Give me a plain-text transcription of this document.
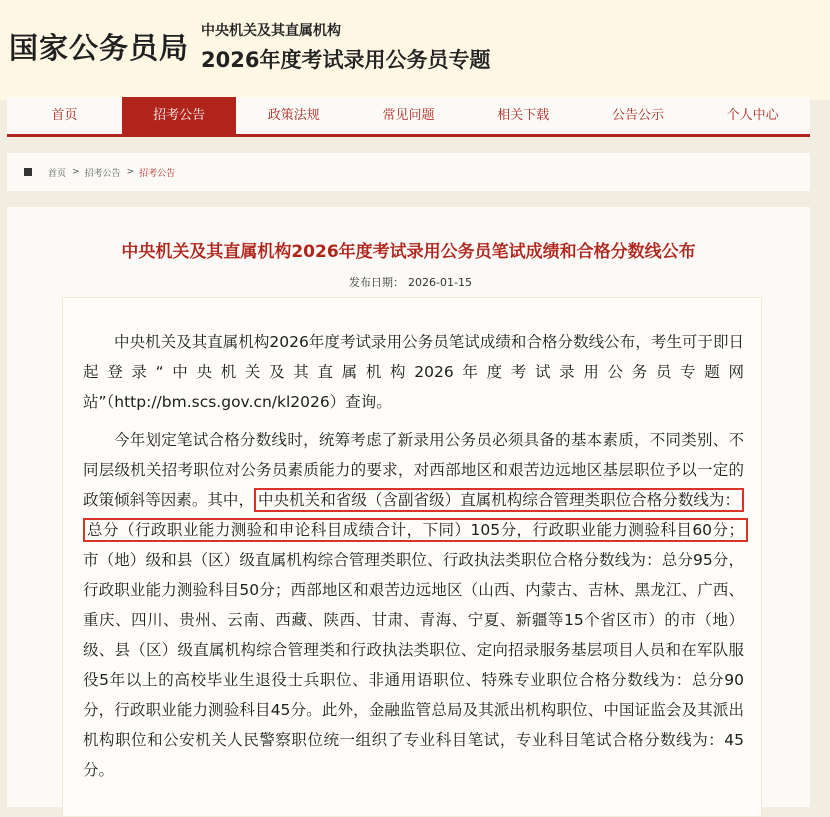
国家公务员局 中央机关及其直属机构
2026年度考试录用公务员专题
首页	招考公告	政策法规	常见问题	相关下载	公告公示	个人中心
首页 > 招考公告 > 招考公告
中央机关及其直属机构2026年度考试录用公务员笔试成绩和合格分数线公布
发布日期： 2026-01-15

中央机关及其直属机构2026年度考试录用公务员笔试成绩和合格分数线公布，考生可于即日起登录“中央机关及其直属机构2026年度考试录用公务员专题网站”（http://bm.scs.gov.cn/kl2026）查询。

今年划定笔试合格分数线时，统筹考虑了新录用公务员必须具备的基本素质，不同类别、不同层级机关招考职位对公务员素质能力的要求，对西部地区和艰苦边远地区基层职位予以一定的政策倾斜等因素。其中， 中央机关和省级（含副省级）直属机构综合管理类职位合格分数线为：总分（行政职业能力测验和申论科目成绩合计，下同）105分，行政职业能力测验科目60分；市（地）级和县（区）级直属机构综合管理类职位、行政执法类职位合格分数线为：总分95分，行政职业能力测验科目50分；西部地区和艰苦边远地区（山西、内蒙古、吉林、黑龙江、广西、重庆、四川、贵州、云南、西藏、陕西、甘肃、青海、宁夏、新疆等15个省区市）的市（地）级、县（区）级直属机构综合管理类和行政执法类职位、定向招录服务基层项目人员和在军队服役5年以上的高校毕业生退役士兵职位、非通用语职位、特殊专业职位合格分数线为：总分90分，行政职业能力测验科目45分。此外，金融监管总局及其派出机构职位、中国证监会及其派出机构职位和公安机关人民警察职位统一组织了专业科目笔试，专业科目笔试合格分数线为：45分。
